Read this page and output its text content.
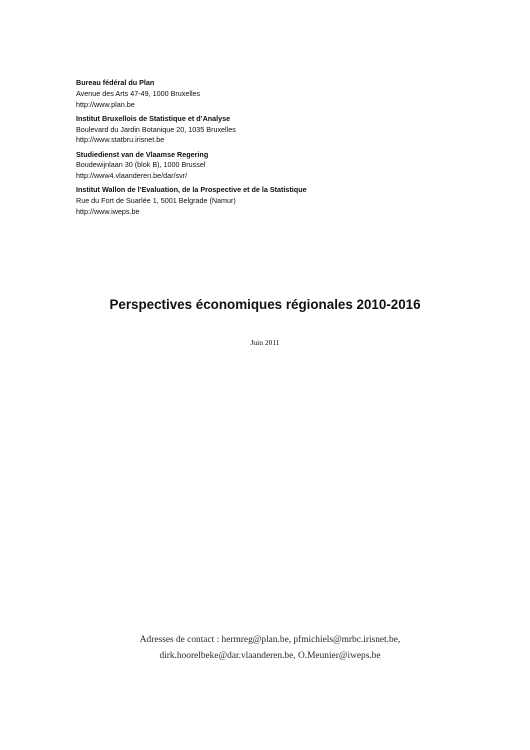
Bureau fédéral du Plan
Avenue des Arts 47-49, 1000 Bruxelles
http://www.plan.be
Institut Bruxellois de Statistique et d’Analyse
Boulevard du Jardin Botanique 20, 1035 Bruxelles
http://www.statbru.irisnet.be
Studiedienst van de Vlaamse Regering
Boudewijnlaan 30 (blok B), 1000 Brussel
http://www4.vlaanderen.be/dar/svr/
Institut Wallon de l’Evaluation, de la Prospective et de la Statistique
Rue du Fort de Suarlée 1, 5001 Belgrade (Namur)
http://www.iweps.be
Perspectives économiques régionales 2010-2016
Juin 2011
Adresses de contact : hermreg@plan.be, pfmichiels@mrbc.irisnet.be,
dirk.hoorelbeke@dar.vlaanderen.be, O.Meunier@iweps.be
